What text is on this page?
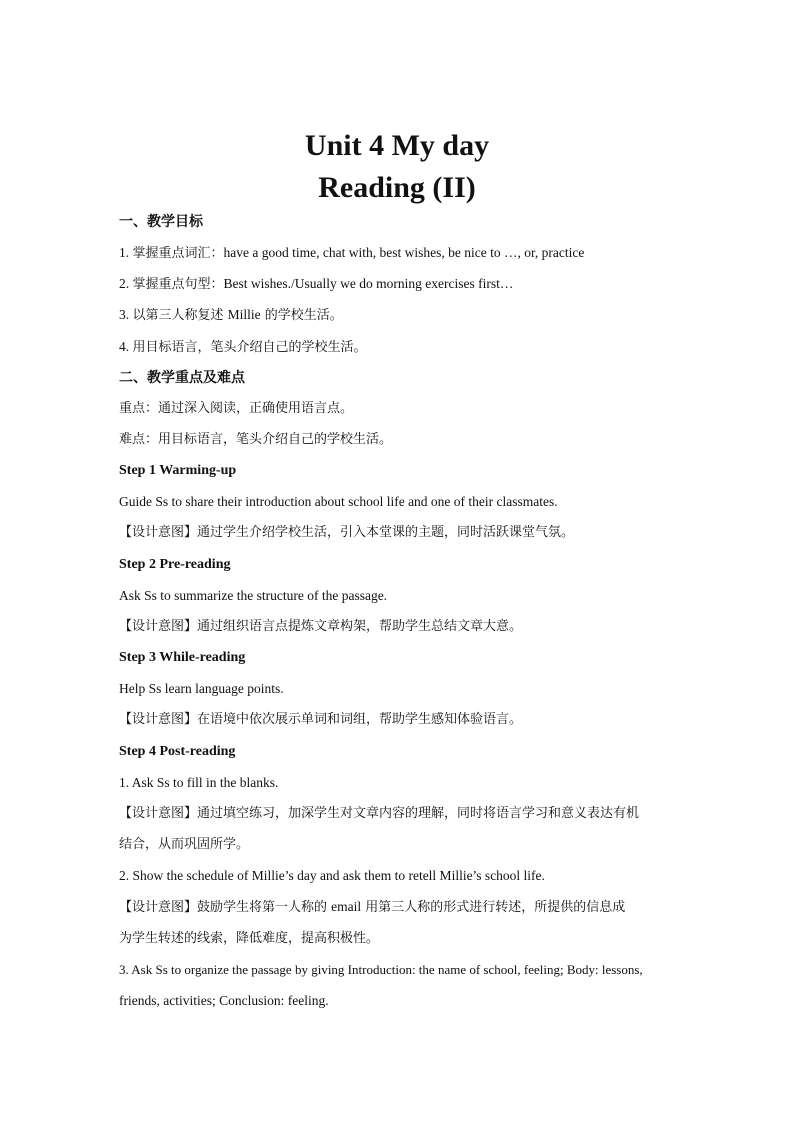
Unit 4 My day
Reading (II)

一、教学目标

1. 掌握重点词汇：have a good time, chat with, best wishes, be nice to …, or, practice

2. 掌握重点句型：Best wishes./Usually we do morning exercises first…

3. 以第三人称复述 Millie 的学校生活。

4. 用目标语言，笔头介绍自己的学校生活。

二、教学重点及难点

重点：通过深入阅读，正确使用语言点。

难点：用目标语言，笔头介绍自己的学校生活。

Step 1 Warming-up

Guide Ss to share their introduction about school life and one of their classmates.

【设计意图】通过学生介绍学校生活，引入本堂课的主题，同时活跃课堂气氛。

Step 2 Pre-reading

Ask Ss to summarize the structure of the passage.

【设计意图】通过组织语言点提炼文章构架，帮助学生总结文章大意。

Step 3 While-reading

Help Ss learn language points.

【设计意图】在语境中依次展示单词和词组，帮助学生感知体验语言。

Step 4 Post-reading

1. Ask Ss to fill in the blanks.

【设计意图】通过填空练习，加深学生对文章内容的理解，同时将语言学习和意义表达有机

结合，从而巩固所学。

2. Show the schedule of Millie’s day and ask them to retell Millie’s school life.

【设计意图】鼓励学生将第一人称的 email 用第三人称的形式进行转述，所提供的信息成

为学生转述的线索，降低难度，提高积极性。

3. Ask Ss to organize the passage by giving Introduction: the name of school, feeling; Body: lessons,

friends, activities; Conclusion: feeling.
